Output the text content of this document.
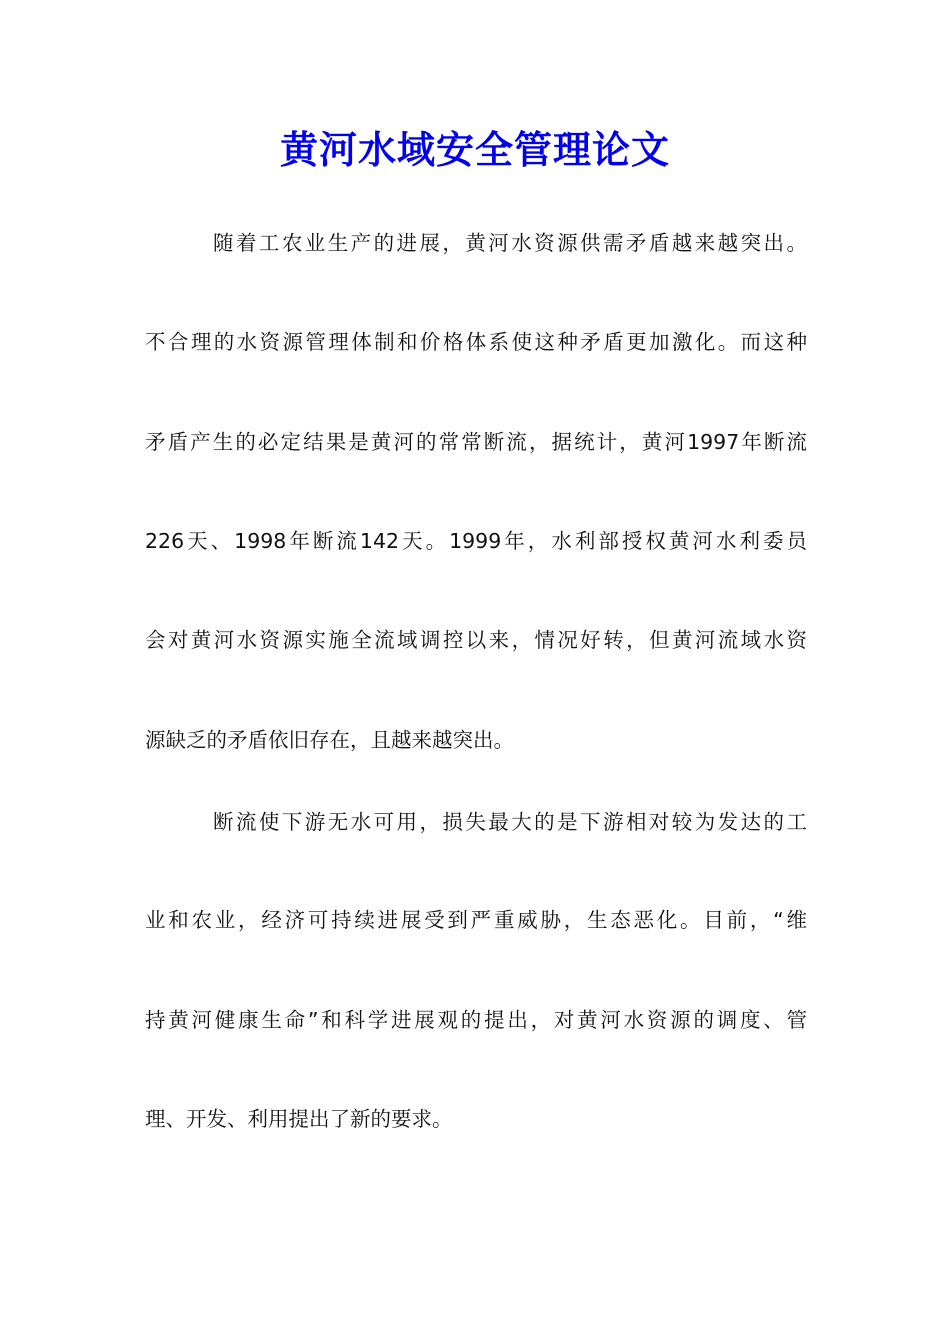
黄河水域安全管理论文
随着工农业生产的进展，黄河水资源供需矛盾越来越突出。
不合理的水资源管理体制和价格体系使这种矛盾更加激化。而这种
矛盾产生的必定结果是黄河的常常断流，据统计，黄河1997年断流
226天、1998年断流142天。1999年，水利部授权黄河水利委员
会对黄河水资源实施全流域调控以来，情况好转，但黄河流域水资
源缺乏的矛盾依旧存在，且越来越突出。
断流使下游无水可用，损失最大的是下游相对较为发达的工
业和农业，经济可持续进展受到严重威胁，生态恶化。目前，“维
持黄河健康生命”和科学进展观的提出，对黄河水资源的调度、管
理、开发、利用提出了新的要求。
